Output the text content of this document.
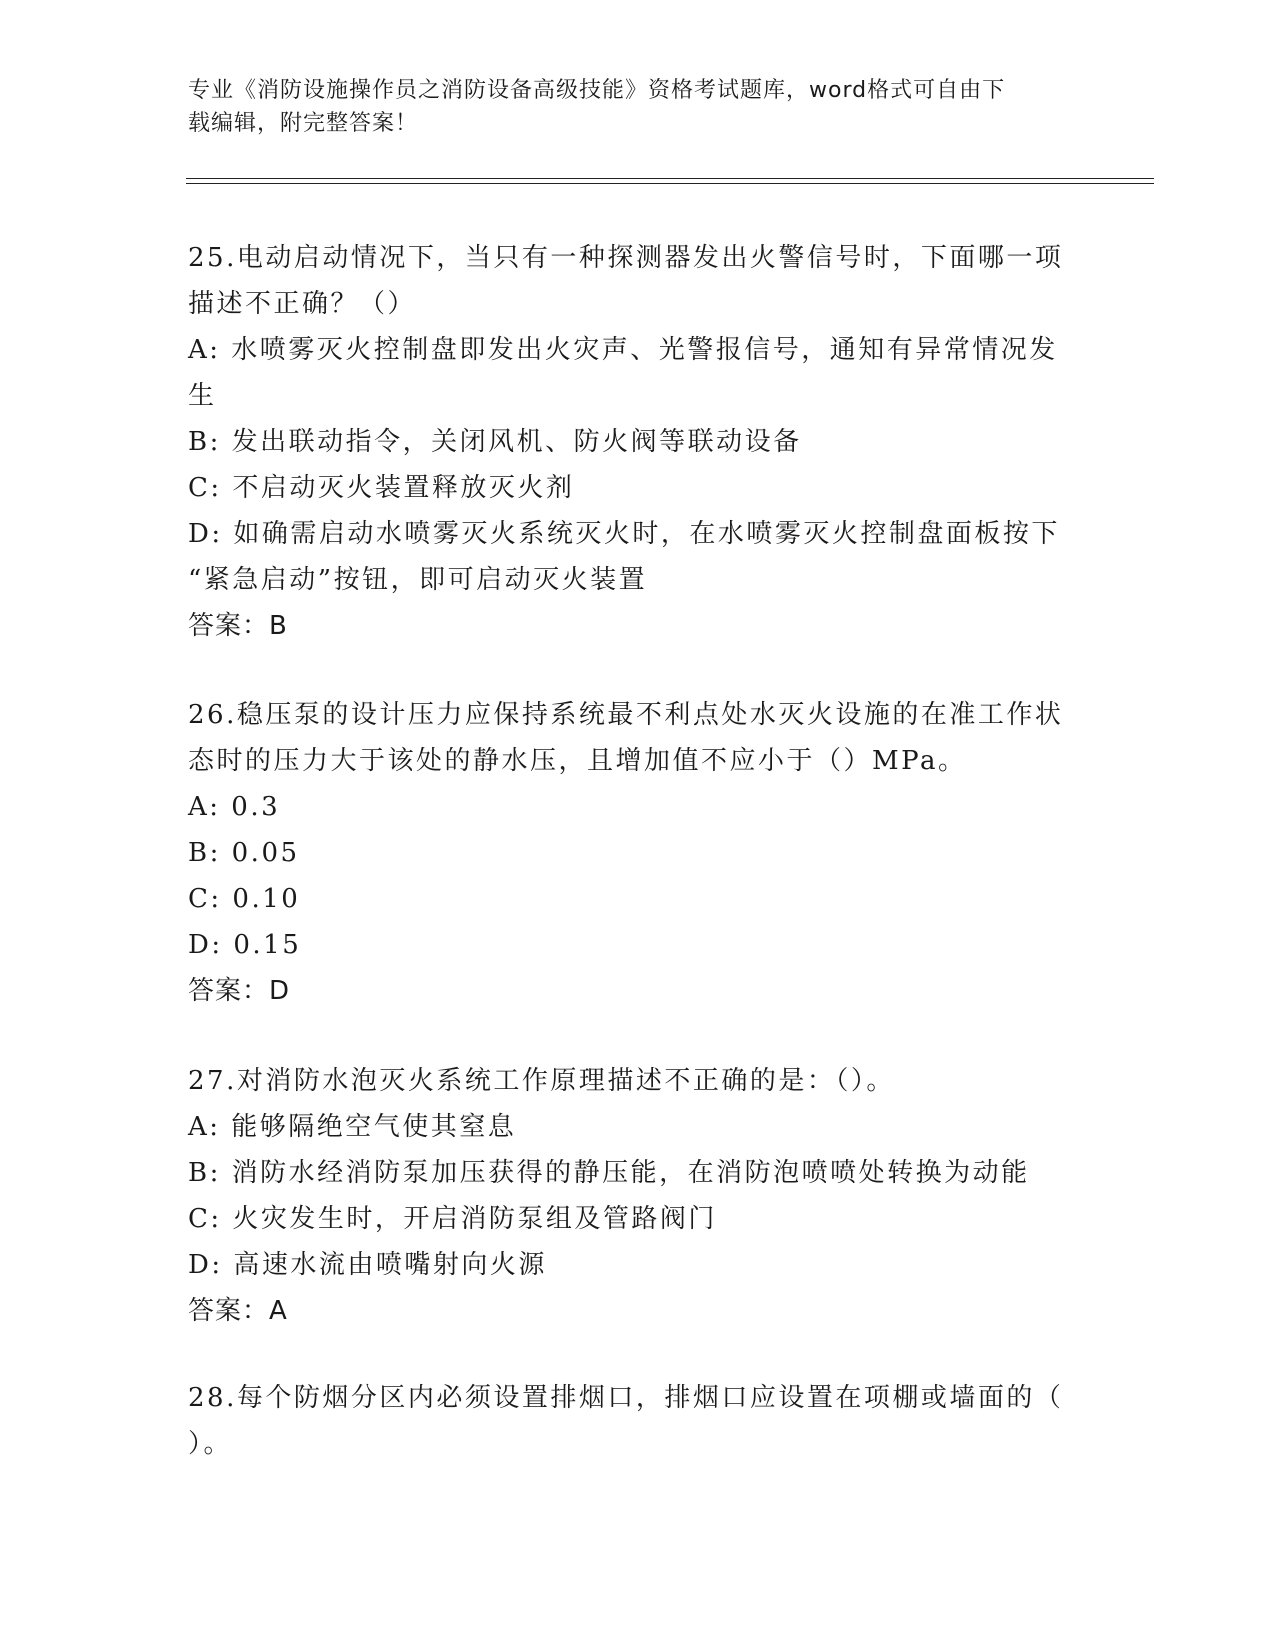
专业《消防设施操作员之消防设备高级技能》资格考试题库，word格式可自由下
载编辑，附完整答案！
25.电动启动情况下，当只有一种探测器发出火警信号时，下面哪一项
描述不正确？（）
A: 水喷雾灭火控制盘即发出火灾声、光警报信号，通知有异常情况发
生
B: 发出联动指令，关闭风机、防火阀等联动设备
C: 不启动灭火装置释放灭火剂
D: 如确需启动水喷雾灭火系统灭火时，在水喷雾灭火控制盘面板按下
“紧急启动”按钮，即可启动灭火装置
答案：B
26.稳压泵的设计压力应保持系统最不利点处水灭火设施的在准工作状
态时的压力大于该处的静水压，且增加值不应小于（）MPa。
A: 0.3
B: 0.05
C: 0.10
D: 0.15
答案：D
27.对消防水泡灭火系统工作原理描述不正确的是：（）。
A: 能够隔绝空气使其窒息
B: 消防水经消防泵加压获得的静压能，在消防泡喷喷处转换为动能
C: 火灾发生时，开启消防泵组及管路阀门
D: 高速水流由喷嘴射向火源
答案：A
28.每个防烟分区内必须设置排烟口，排烟口应设置在项棚或墙面的（
）。
